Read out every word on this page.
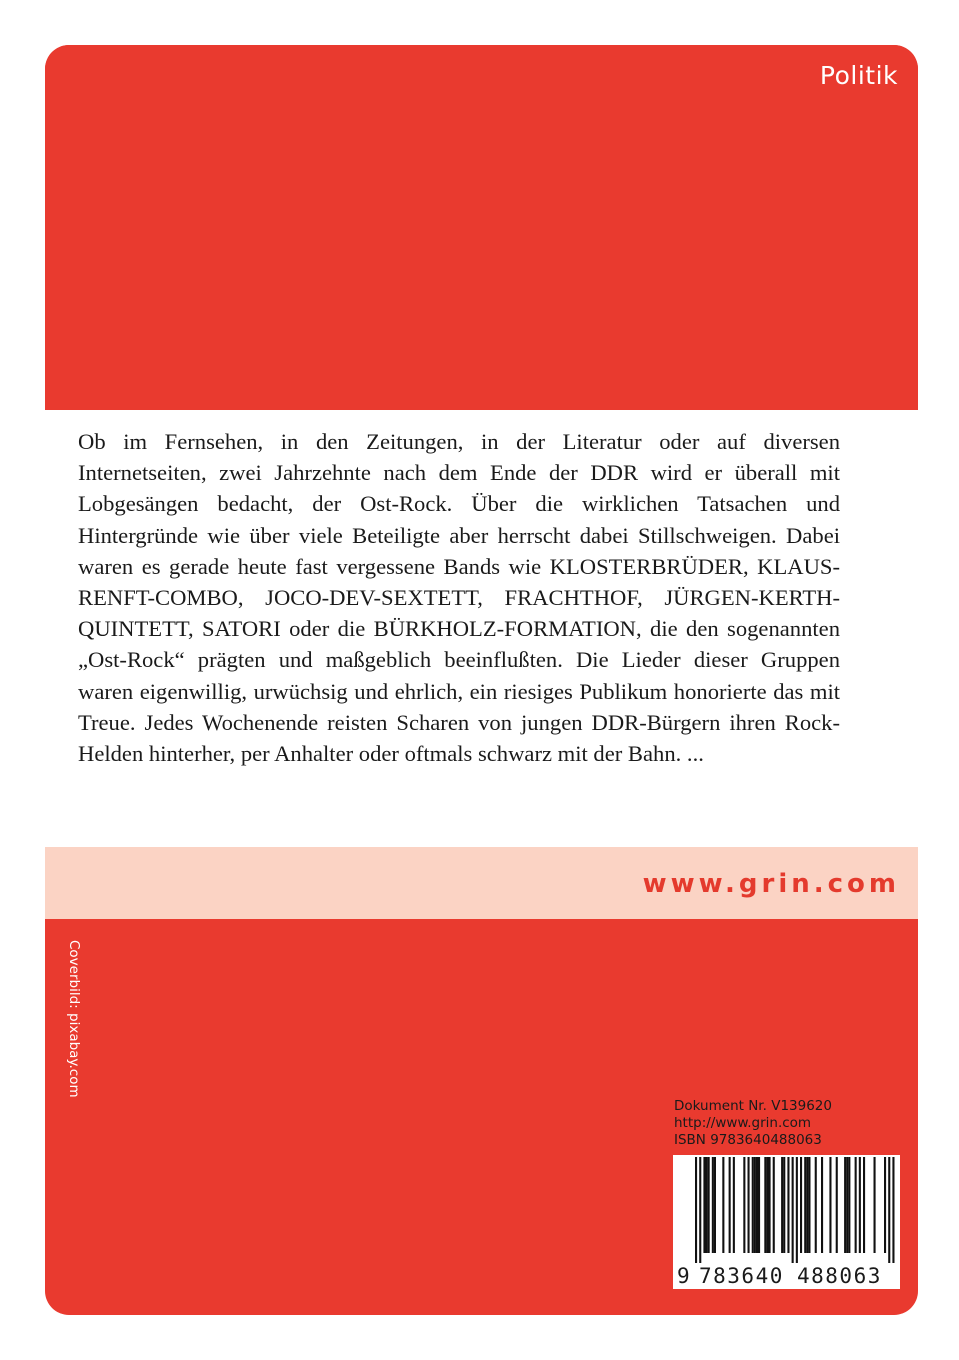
Politik

Ob im Fernsehen, in den Zeitungen, in der Literatur oder auf diversen Internetseiten, zwei Jahrzehnte nach dem Ende der DDR wird er überall mit Lobgesängen bedacht, der Ost-Rock. Über die wirklichen Tatsachen und Hintergründe wie über viele Beteiligte aber herrscht dabei Stillschweigen. Dabei waren es gerade heute fast vergessene Bands wie KLOSTERBRÜDER, KLAUS-RENFT-COMBO, JOCO-DEV-SEXTETT, FRACHTHOF, JÜRGEN-KERTH-QUINTETT, SATORI oder die BÜRKHOLZ-FORMATION, die den sogenannten „Ost-Rock“ prägten und maßgeblich beeinflußten. Die Lieder dieser Gruppen waren eigenwillig, urwüchsig und ehrlich, ein riesiges Publikum honorierte das mit Treue. Jedes Wochenende reisten Scharen von jungen DDR-Bürgern ihren Rock-Helden hinterher, per Anhalter oder oftmals schwarz mit der Bahn. ...

www.grin.com
Coverbild: pixabay.com
Dokument Nr. V139620
http://www.grin.com
ISBN 9783640488063
9 783640 488063
